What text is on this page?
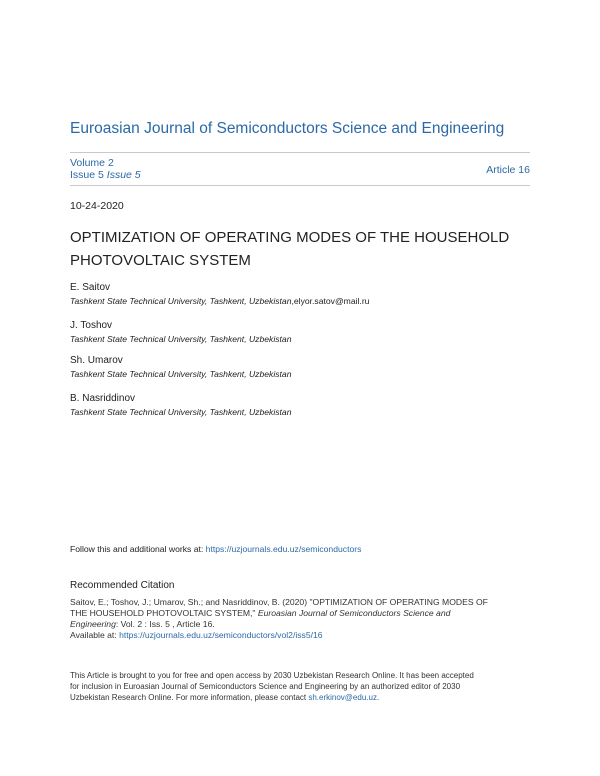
Euroasian Journal of Semiconductors Science and Engineering
Volume 2
Issue 5 Issue 5	Article 16
10-24-2020
OPTIMIZATION OF OPERATING MODES OF THE HOUSEHOLD
PHOTOVOLTAIC SYSTEM
E. Saitov
Tashkent State Technical University, Tashkent, Uzbekistan,elyor.satov@mail.ru
J. Toshov
Tashkent State Technical University, Tashkent, Uzbekistan
Sh. Umarov
Tashkent State Technical University, Tashkent, Uzbekistan
B. Nasriddinov
Tashkent State Technical University, Tashkent, Uzbekistan
Follow this and additional works at: https://uzjournals.edu.uz/semiconductors
Recommended Citation
Saitov, E.; Toshov, J.; Umarov, Sh.; and Nasriddinov, B. (2020) "OPTIMIZATION OF OPERATING MODES OF
THE HOUSEHOLD PHOTOVOLTAIC SYSTEM," Euroasian Journal of Semiconductors Science and
Engineering: Vol. 2 : Iss. 5 , Article 16.
Available at: https://uzjournals.edu.uz/semiconductors/vol2/iss5/16
This Article is brought to you for free and open access by 2030 Uzbekistan Research Online. It has been accepted
for inclusion in Euroasian Journal of Semiconductors Science and Engineering by an authorized editor of 2030
Uzbekistan Research Online. For more information, please contact sh.erkinov@edu.uz.
